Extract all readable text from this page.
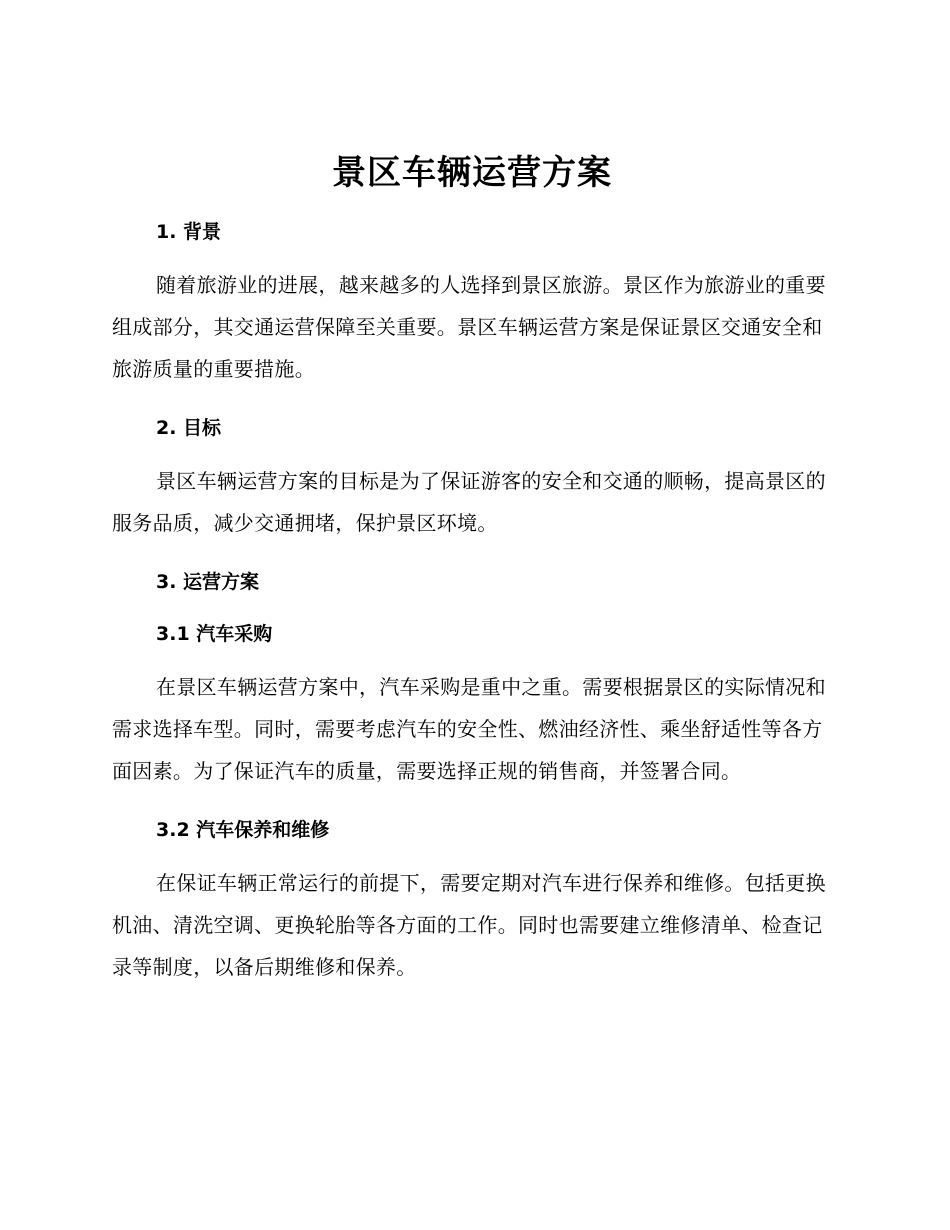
景区车辆运营方案
1. 背景

随着旅游业的进展，越来越多的人选择到景区旅游。景区作为旅游业的重要组成部分，其交通运营保障至关重要。景区车辆运营方案是保证景区交通安全和旅游质量的重要措施。

2. 目标

景区车辆运营方案的目标是为了保证游客的安全和交通的顺畅，提高景区的服务品质，减少交通拥堵，保护景区环境。

3. 运营方案
3.1 汽车采购

在景区车辆运营方案中，汽车采购是重中之重。需要根据景区的实际情况和需求选择车型。同时，需要考虑汽车的安全性、燃油经济性、乘坐舒适性等各方面因素。为了保证汽车的质量，需要选择正规的销售商，并签署合同。

3.2 汽车保养和维修

在保证车辆正常运行的前提下，需要定期对汽车进行保养和维修。包括更换机油、清洗空调、更换轮胎等各方面的工作。同时也需要建立维修清单、检查记录等制度，以备后期维修和保养。
